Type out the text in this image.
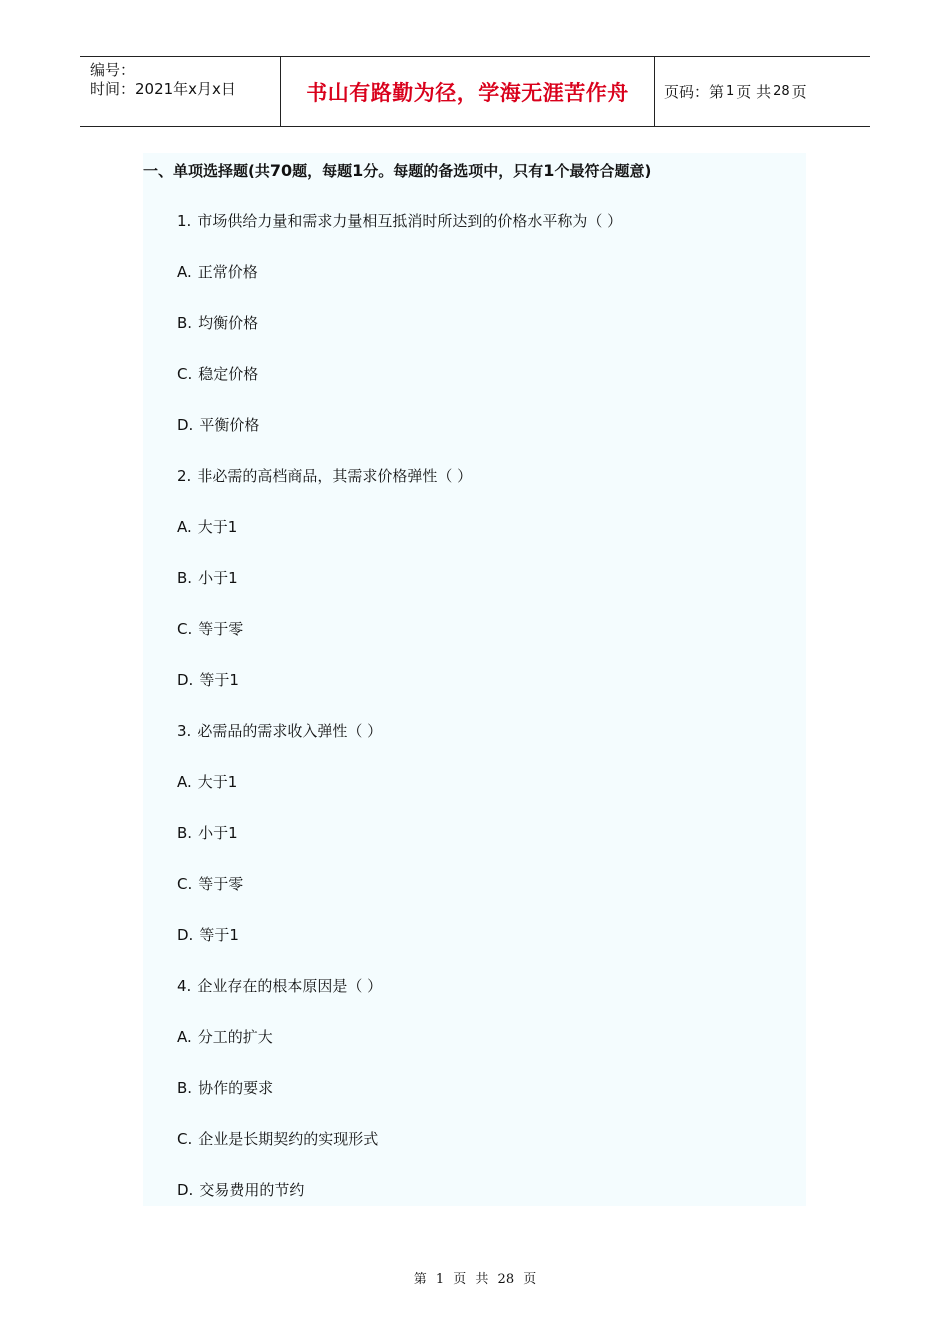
编号：
时间：2021年x月x日	书山有路勤为径，学海无涯苦作舟 页码：第 1 页 共 28 页
一、单项选择题(共70题，每题1分。每题的备选项中，只有1个最符合题意)
1. 市场供给力量和需求力量相互抵消时所达到的价格水平称为（ ）
A. 正常价格
B. 均衡价格
C. 稳定价格
D. 平衡价格
2. 非必需的高档商品，其需求价格弹性（ ）
A. 大于1
B. 小于1
C. 等于零
D. 等于1
3. 必需品的需求收入弹性（ ）
A. 大于1
B. 小于1
C. 等于零
D. 等于1
4. 企业存在的根本原因是（ ）
A. 分工的扩大
B. 协作的要求
C. 企业是长期契约的实现形式
D. 交易费用的节约
第 1 页 共 28 页
